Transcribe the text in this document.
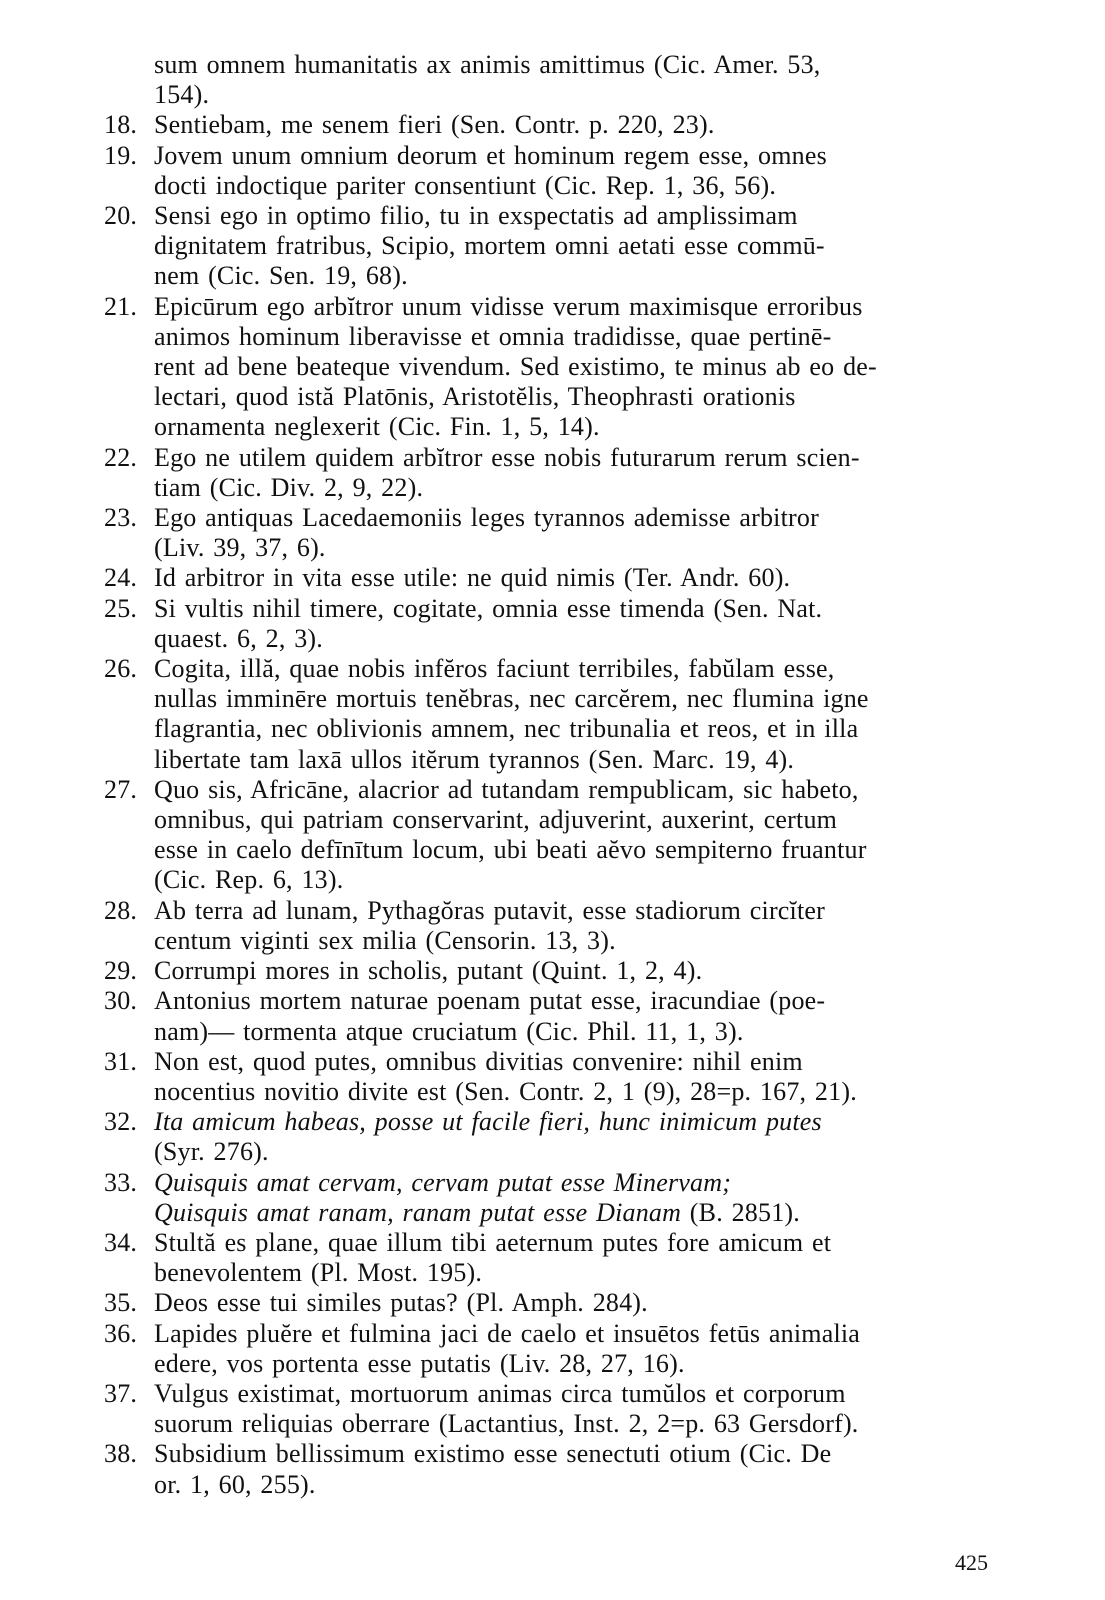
sum omnem humanitatis ax animis amittimus (Cic. Amer. 53,
154).
18. Sentiebam, me senem fieri (Sen. Contr. p. 220, 23).
19. Jovem unum omnium deorum et hominum regem esse, omnes
docti indoctique pariter consentiunt (Cic. Rep. 1, 36, 56).
20. Sensi ego in optimo filio, tu in exspectatis ad amplissimam
dignitatem fratribus, Scipio, mortem omni aetati esse commū-
nem (Cic. Sen. 19, 68).
21. Epicūrum ego arbĭtror unum vidisse verum maximisque erroribus
animos hominum liberavisse et omnia tradidisse, quae pertinē-
rent ad bene beateque vivendum. Sed existimo, te minus ab eo de-
lectari, quod istă Platōnis, Aristotĕlis, Theophrasti orationis
ornamenta neglexerit (Cic. Fin. 1, 5, 14).
22. Ego ne utilem quidem arbĭtror esse nobis futurarum rerum scien-
tiam (Cic. Div. 2, 9, 22).
23. Ego antiquas Lacedaemoniis leges tyrannos ademisse arbitror
(Liv. 39, 37, 6).
24. Id arbitror in vita esse utile: ne quid nimis (Ter. Andr. 60).
25. Si vultis nihil timere, cogitate, omnia esse timenda (Sen. Nat.
quaest. 6, 2, 3).
26. Cogita, illă, quae nobis infĕros faciunt terribiles, fabŭlam esse,
nullas imminēre mortuis tenĕbras, nec carcĕrem, nec flumina igne
flagrantia, nec oblivionis amnem, nec tribunalia et reos, et in illa
libertate tam laxā ullos itĕrum tyrannos (Sen. Marc. 19, 4).
27. Quo sis, Africāne, alacrior ad tutandam rempublicam, sic habeto,
omnibus, qui patriam conservarint, adjuverint, auxerint, certum
esse in caelo defīnītum locum, ubi beati aĕvo sempiterno fruantur
(Cic. Rep. 6, 13).
28. Ab terra ad lunam, Pythagŏras putavit, esse stadiorum circĭter
centum viginti sex milia (Censorin. 13, 3).
29. Corrumpi mores in scholis, putant (Quint. 1, 2, 4).
30. Antonius mortem naturae poenam putat esse, iracundiae (poe-
nam)— tormenta atque cruciatum (Cic. Phil. 11, 1, 3).
31. Non est, quod putes, omnibus divitias convenire: nihil enim
nocentius novitio divite est (Sen. Contr. 2, 1 (9), 28=p. 167, 21).
32. Ita amicum habeas, posse ut facile fieri, hunc inimicum putes
(Syr. 276).
33. Quisquis amat cervam, cervam putat esse Minervam;
Quisquis amat ranam, ranam putat esse Dianam (B. 2851).
34. Stultă es plane, quae illum tibi aeternum putes fore amicum et
benevolentem (Pl. Most. 195).
35. Deos esse tui similes putas? (Pl. Amph. 284).
36. Lapides pluĕre et fulmina jaci de caelo et insuētos fetūs animalia
edere, vos portenta esse putatis (Liv. 28, 27, 16).
37. Vulgus existimat, mortuorum animas circa tumŭlos et corporum
suorum reliquias oberrare (Lactantius, Inst. 2, 2=p. 63 Gersdorf).
38. Subsidium bellissimum existimo esse senectuti otium (Cic. De
or. 1, 60, 255).
425
